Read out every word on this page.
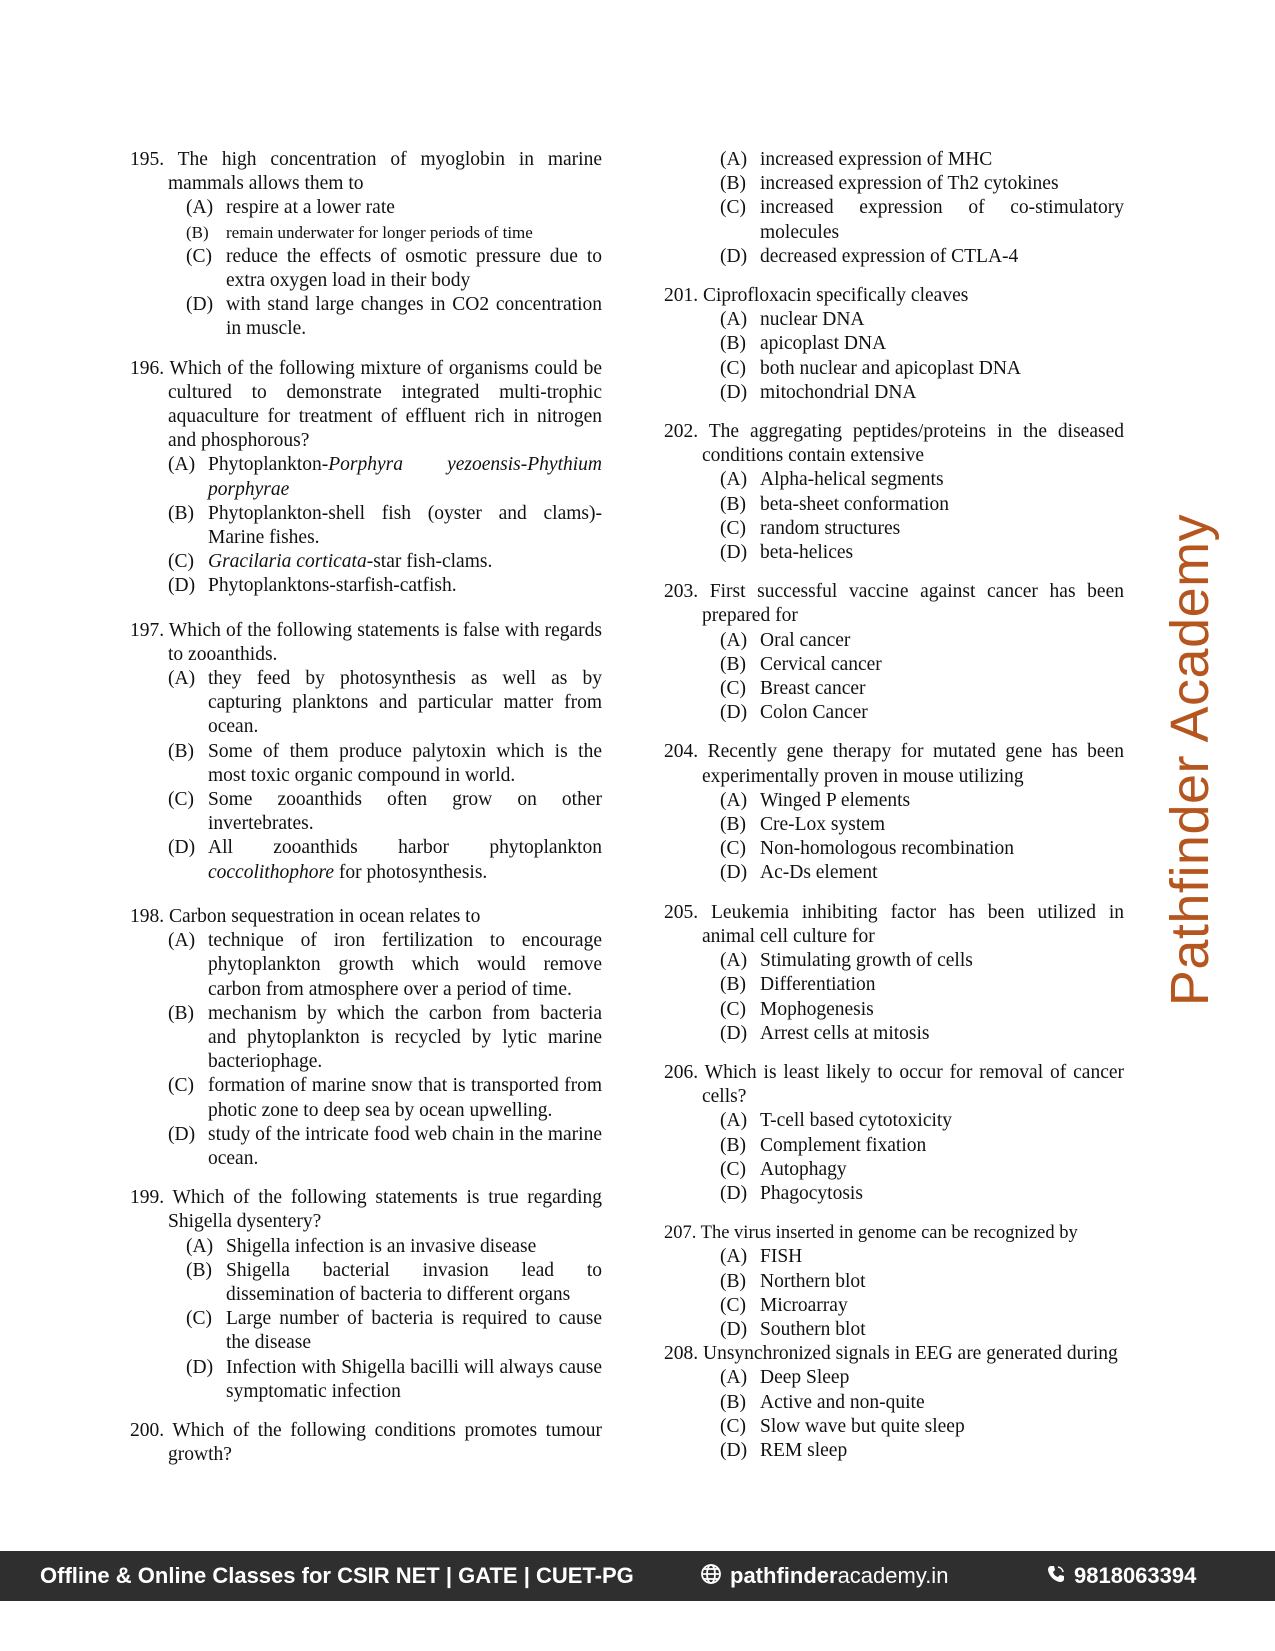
195. The high concentration of myoglobin in marine mammals allows them to
(A) respire at a lower rate
(B) remain underwater for longer periods of time
(C) reduce the effects of osmotic pressure due to extra oxygen load in their body
(D) with stand large changes in CO2 concentration in muscle.
196. Which of the following mixture of organisms could be cultured to demonstrate integrated multi-trophic aquaculture for treatment of effluent rich in nitrogen and phosphorous?
(A) Phytoplankton-Porphyra yezoensis-Phythium porphyrae
(B) Phytoplankton-shell fish (oyster and clams)-Marine fishes.
(C) Gracilaria corticata-star fish-clams.
(D) Phytoplanktons-starfish-catfish.
197. Which of the following statements is false with regards to zooanthids.
(A) they feed by photosynthesis as well as by capturing planktons and particular matter from ocean.
(B) Some of them produce palytoxin which is the most toxic organic compound in world.
(C) Some zooanthids often grow on other invertebrates.
(D) All zooanthids harbor phytoplankton coccolithophore for photosynthesis.
198. Carbon sequestration in ocean relates to
(A) technique of iron fertilization to encourage phytoplankton growth which would remove carbon from atmosphere over a period of time.
(B) mechanism by which the carbon from bacteria and phytoplankton is recycled by lytic marine bacteriophage.
(C) formation of marine snow that is transported from photic zone to deep sea by ocean upwelling.
(D) study of the intricate food web chain in the marine ocean.
199. Which of the following statements is true regarding Shigella dysentery?
(A) Shigella infection is an invasive disease
(B) Shigella bacterial invasion lead to dissemination of bacteria to different organs
(C) Large number of bacteria is required to cause the disease
(D) Infection with Shigella bacilli will always cause symptomatic infection
200. Which of the following conditions promotes tumour growth?
(A) increased expression of MHC
(B) increased expression of Th2 cytokines
(C) increased expression of co-stimulatory molecules
(D) decreased expression of CTLA-4
201. Ciprofloxacin specifically cleaves
(A) nuclear DNA
(B) apicoplast DNA
(C) both nuclear and apicoplast DNA
(D) mitochondrial DNA
202. The aggregating peptides/proteins in the diseased conditions contain extensive
(A) Alpha-helical segments
(B) beta-sheet conformation
(C) random structures
(D) beta-helices
203. First successful vaccine against cancer has been prepared for
(A) Oral cancer
(B) Cervical cancer
(C) Breast cancer
(D) Colon Cancer
204. Recently gene therapy for mutated gene has been experimentally proven in mouse utilizing
(A) Winged P elements
(B) Cre-Lox system
(C) Non-homologous recombination
(D) Ac-Ds element
205. Leukemia inhibiting factor has been utilized in animal cell culture for
(A) Stimulating growth of cells
(B) Differentiation
(C) Mophogenesis
(D) Arrest cells at mitosis
206. Which is least likely to occur for removal of cancer cells?
(A) T-cell based cytotoxicity
(B) Complement fixation
(C) Autophagy
(D) Phagocytosis
207. The virus inserted in genome can be recognized by
(A) FISH
(B) Northern blot
(C) Microarray
(D) Southern blot
208. Unsynchronized signals in EEG are generated during
(A) Deep Sleep
(B) Active and non-quite
(C) Slow wave but quite sleep
(D) REM sleep
Pathfinder Academy
Offline & Online Classes for CSIR NET | GATE | CUET-PG	pathfinderacademy.in	9818063394
